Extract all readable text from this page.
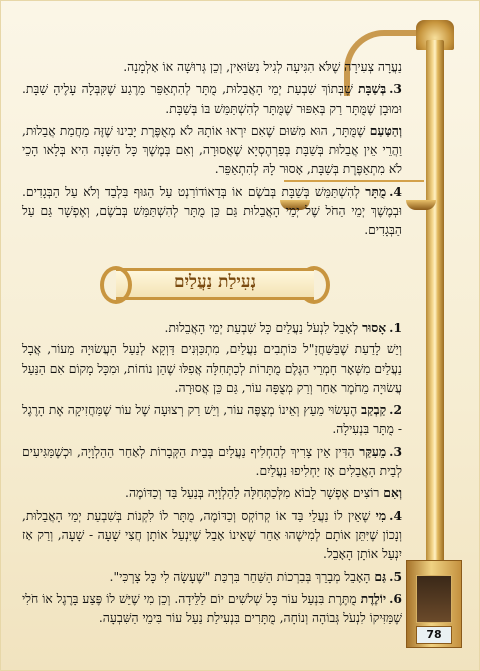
78

נַעֲרָה צְעִירָה שֶׁלֹּא הִגִּיעָה לְגִיל נִשּׂוּאִין, וְכֵן גְּרוּשָׁה אוֹ אַלְמָנָה.

3.בְּשַׁבָּת שֶׁבְּתוֹךְ שִׁבְעַת יְמֵי הָאֲבֵלוּת, מֻתָּר לְהִתְאַפֵּר מֵרֶגַע שֶׁקִּבְּלָה עָלֶיהָ שַׁבָּת. וּמוּבָן שֶׁמֻּתָּר רַק בְּאִפּוּר שֶׁמֻּתָּר לְהִשְׁתַּמֵּשׁ בּוֹ בְּשַׁבָּת.

וְהַטַּעַם שֶׁמֻּתָּר, הוּא מִשּׁוּם שֶׁאִם יִרְאוּ אוֹתָהּ לֹא מְאֻפֶּרֶת יָבִינוּ שֶׁזֶּה מֵחֲמַת אֲבֵלוּת, וַהֲרֵי אֵין אֲבֵלוּת בְּשַׁבָּת בְּפַרְהֶסְיָא שֶׁאֲסוּרָה, וְאִם בְּמֶשֶׁךְ כָּל הַשָּׁנָה הִיא בְּלָאו הָכֵי לֹא מִתְאַפֶּרֶת בְּשַׁבָּת, אָסוּר לָהּ לְהִתְאַפֵּר.

4.מֻתָּר לְהִשְׁתַּמֵּשׁ בְּשַׁבָּת בְּבֹשֶׂם אוֹ בְּדֵאוֹדוֹרַנְט עַל הַגּוּף בִּלְבַד וְלֹא עַל הַבְּגָדִים. וּבְמֶשֶׁךְ יְמֵי הַחֹל שֶׁל יְמֵי הָאֲבֵלוּת גַּם כֵּן מֻתָּר לְהִשְׁתַּמֵּשׁ בְּבֹשֶׂם, וְאֶפְשָׁר גַּם עַל הַבְּגָדִים.

נְעִילַת נַעֲלַיִם

1.אָסוּר לְאָבֵל לִנְעֹל נַעֲלַיִם כָּל שִׁבְעַת יְמֵי הָאֲבֵלוּת.

וְיֵשׁ לָדַעַת שֶׁבַּשַּׁחֲזָ"ל כּוֹתְבִים נַעֲלַיִם, מִתְכַּוְּנִים דַּוְקָא לְנַעַל הָעֲשׂוּיָה מֵעוֹר, אֲבָל נַעֲלַיִם מִשְּׁאָר חָמְרֵי הַגֶּלֶם מֻתָּרוֹת לְכַתְּחִלָּה אֲפִלּוּ שֶׁהֵן נוֹחוֹת, וּמִכָּל מָקוֹם אִם הַנַּעַל עֲשׂוּיָה מֵחֹמֶר אַחֵר וְרַק מְצֻפָּה עוֹר, גַּם כֵּן אֲסוּרָה.

2.קַבְקַב הֶעָשׂוּי מֵעֵץ וְאֵינוֹ מְצֻפֶּה עוֹר, וְיֵשׁ רַק רְצוּעָה שֶׁל עוֹר שֶׁמַּחֲזִיקָה אֶת הָרֶגֶל - מֻתָּר בִּנְעִילָה.

3.מֵעִקַּר הַדִּין אֵין צָרִיךְ לְהַחְלִיף נַעֲלַיִם בְּבֵית הַקְּבָרוֹת לְאַחַר הַהַלְוָיָה, וּכְשֶׁמַּגִּיעִים לְבֵית הָאֲבֵלִים אָז יַחְלִיפוּ נַעֲלַיִם.

וְאִם רוֹצִים אֶפְשָׁר לָבוֹא מִלְּכַתְּחִלָּה לַהַלְוָיָה בְּנַעַל בַּד וְכַדּוֹמֶה.

4.מִי שֶׁאֵין לוֹ נַעֲלֵי בַּד אוֹ קְרוֹקְס וְכַדּוֹמֶה, מֻתָּר לוֹ לִקְנוֹת בְּשִׁבְעַת יְמֵי הָאֲבֵלוּת, וְנָכוֹן שֶׁיִּתֵּן אוֹתָם לְמִישֶׁהוּ אַחֵר שֶׁאֵינוֹ אָבֵל שֶׁיִּנְעַל אוֹתָן חֲצִי שָׁעָה - שָׁעָה, וְרַק אַז יִנְעַל אוֹתָן הָאָבֵל.

5.גַּם הָאָבֵל מְבָרֵךְ בְּבִרְכוֹת הַשַּׁחַר בִּרְכַּת "שֶׁעָשָׂה לִי כָּל צָרְכִּי".

6.יוֹלֶדֶת מֻתֶּרֶת בִּנְעַל עוֹר כָּל שְׁלשִׁים יוֹם לַלֵּידָה. וְכֵן מִי שֶׁיֵּשׁ לוֹ פֶּצַע בָּרֶגֶל אוֹ חֹלִי שֶׁמַּזִּיקוֹ לִנְעֹל גְּבוֹהָה וְנוֹחָה, מֻתָּרִים בִּנְעִילַת נַעַל עוֹר בִּימֵי הַשִּׁבְעָה.
